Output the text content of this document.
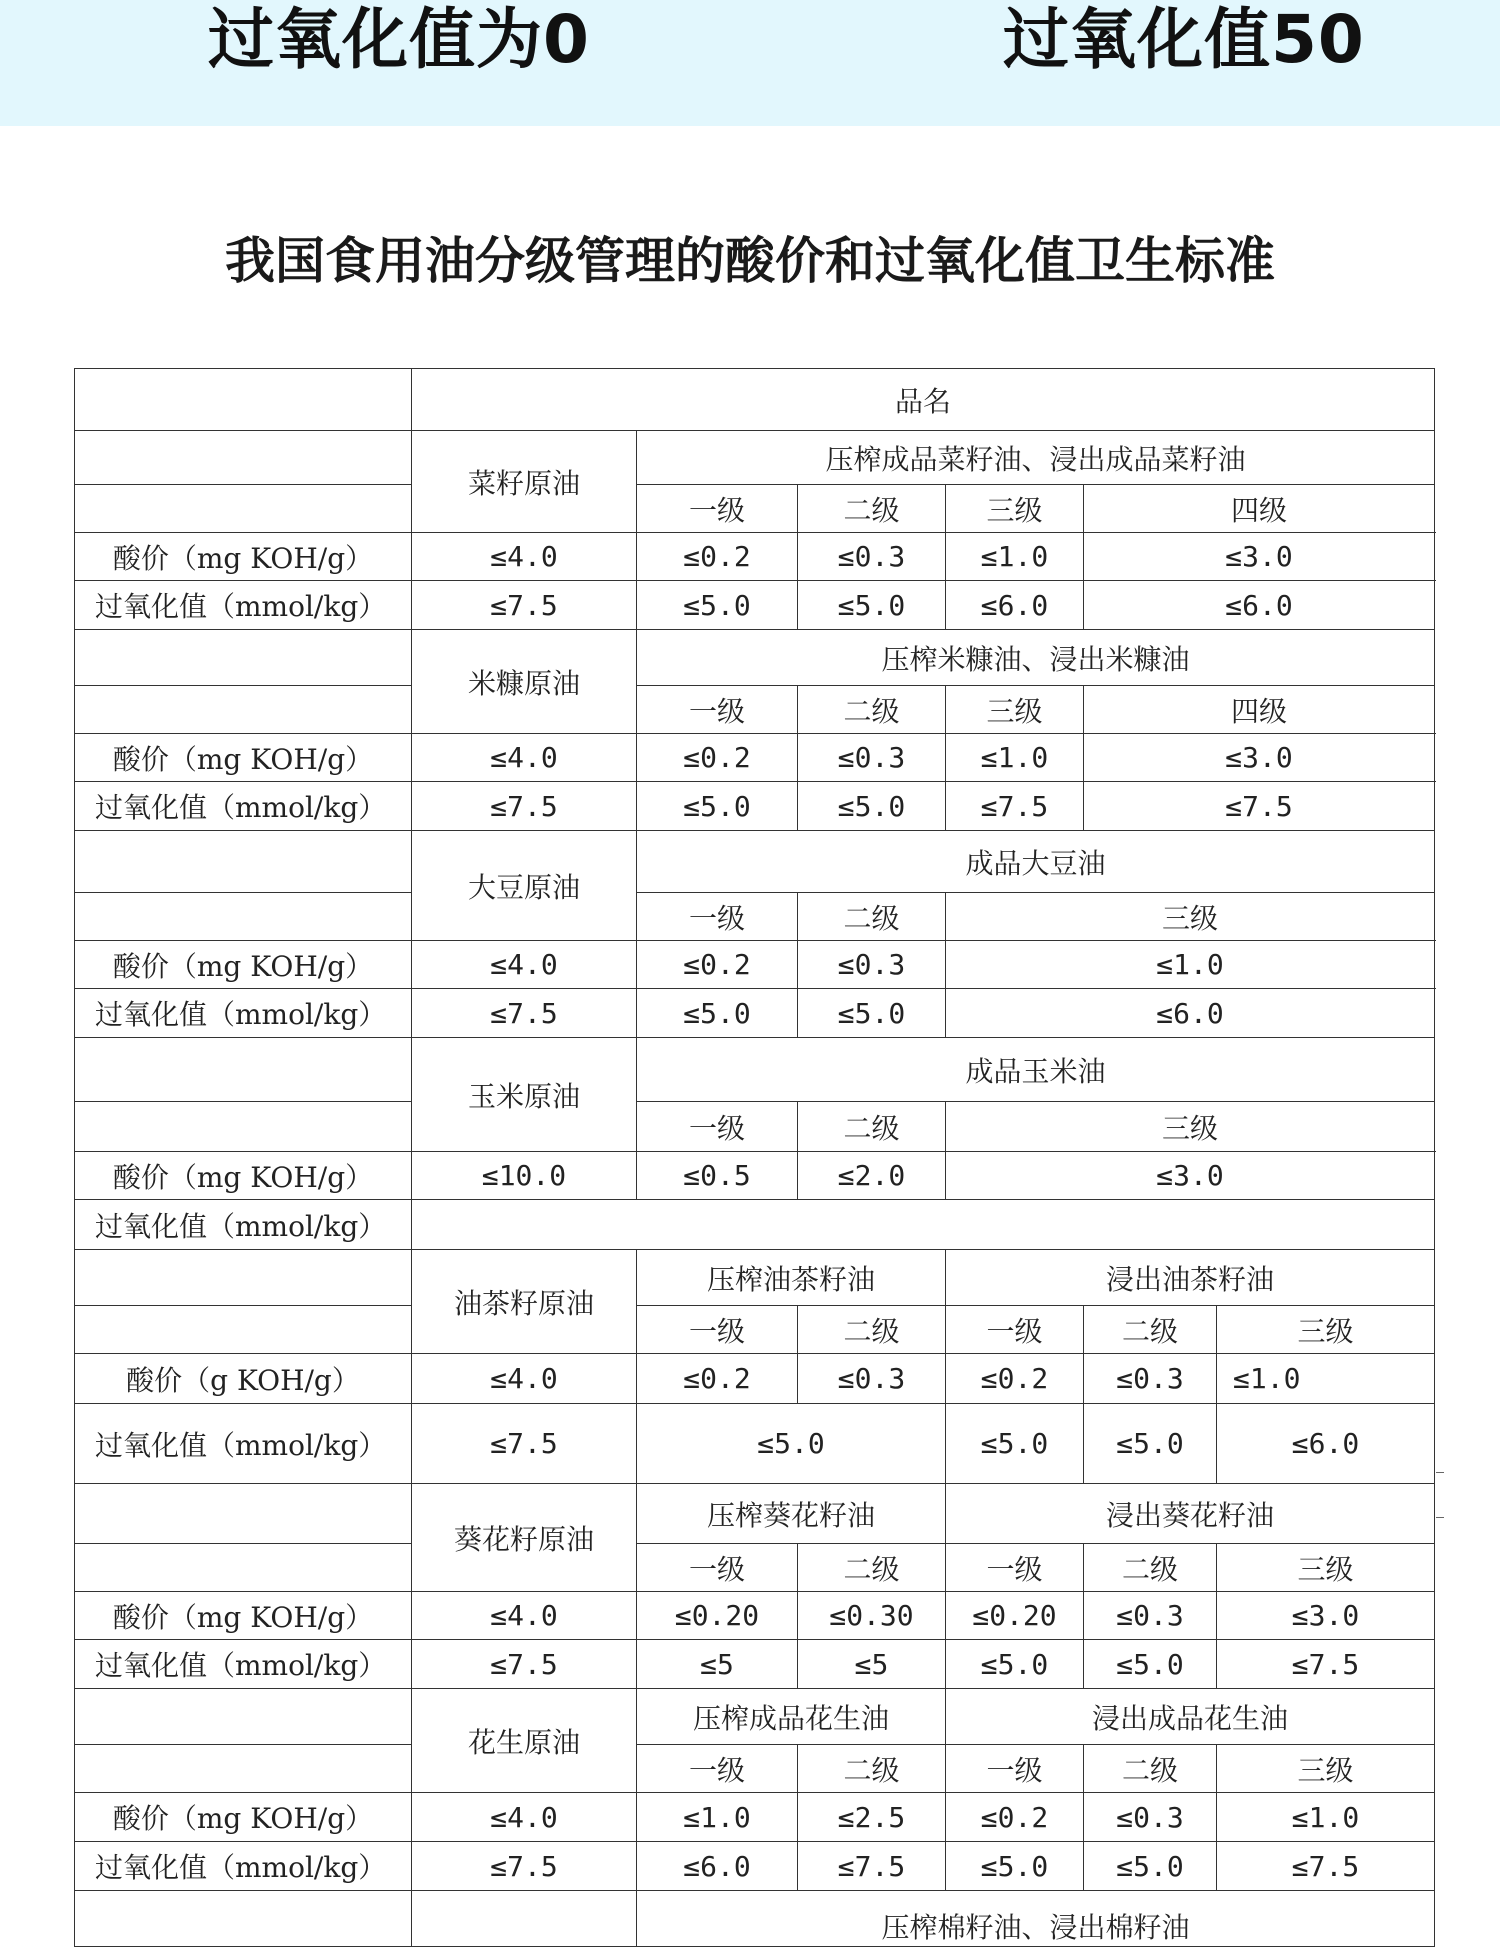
过氧化值为0	过氧化值50
我国食用油分级管理的酸价和过氧化值卫生标准
	品名					
	菜籽原油	压榨成品菜籽油、浸出成品菜籽油				
		一级	二级	三级	四级	
酸价（mg KOH/g）	≤4.0	≤0.2	≤0.3	≤1.0	≤3.0	
过氧化值（mmol/kg）	≤7.5	≤5.0	≤5.0	≤6.0	≤6.0	
	米糠原油	压榨米糠油、浸出米糠油				
		一级	二级	三级	四级	
酸价（mg KOH/g）	≤4.0	≤0.2	≤0.3	≤1.0	≤3.0	
过氧化值（mmol/kg）	≤7.5	≤5.0	≤5.0	≤7.5	≤7.5	
	大豆原油	成品大豆油				
		一级	二级	三级		
酸价（mg KOH/g）	≤4.0	≤0.2	≤0.3	≤1.0		
过氧化值（mmol/kg）	≤7.5	≤5.0	≤5.0	≤6.0		
	玉米原油	成品玉米油				
		一级	二级	三级		
酸价（mg KOH/g）	≤10.0	≤0.5	≤2.0	≤3.0		
过氧化值（mmol/kg）						
	油茶籽原油	压榨油茶籽油		浸出油茶籽油		
		一级	二级	一级	二级	三级
酸价（g KOH/g）	≤4.0	≤0.2	≤0.3	≤0.2	≤0.3	≤1.0
过氧化值（mmol/kg）	≤7.5	≤5.0		≤5.0	≤5.0	≤6.0
	葵花籽原油	压榨葵花籽油		浸出葵花籽油		
		一级	二级	一级	二级	三级
酸价（mg KOH/g）	≤4.0	≤0.20	≤0.30	≤0.20	≤0.3	≤3.0
过氧化值（mmol/kg）	≤7.5	≤5	≤5	≤5.0	≤5.0	≤7.5
	花生原油	压榨成品花生油		浸出成品花生油		
		一级	二级	一级	二级	三级
酸价（mg KOH/g）	≤4.0	≤1.0	≤2.5	≤0.2	≤0.3	≤1.0
过氧化值（mmol/kg）	≤7.5	≤6.0	≤7.5	≤5.0	≤5.0	≤7.5
		压榨棉籽油、浸出棉籽油				
